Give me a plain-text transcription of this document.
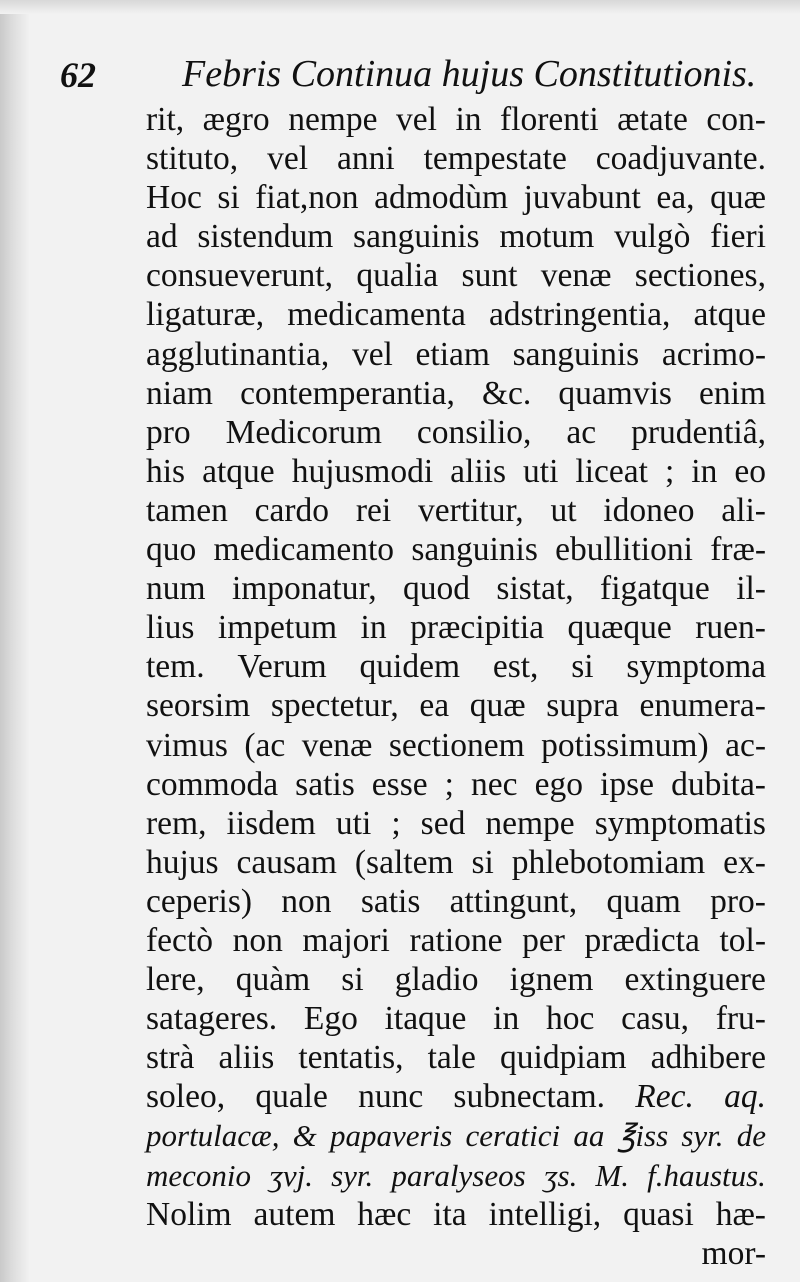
62 Febris Continua hujus Constitutionis.
rit, ægro nempe vel in florenti ætate con-
stituto, vel anni tempestate coadjuvante.
Hoc si fiat,non admodùm juvabunt ea, quæ
ad sistendum sanguinis motum vulgò fieri
consueverunt, qualia sunt venæ sectiones,
ligaturæ, medicamenta adstringentia, atque
agglutinantia, vel etiam sanguinis acrimo-
niam contemperantia, &c. quamvis enim
pro Medicorum consilio, ac prudentiâ,
his atque hujusmodi aliis uti liceat ; in eo
tamen cardo rei vertitur, ut idoneo ali-
quo medicamento sanguinis ebullitioni fræ-
num imponatur, quod sistat, figatque il-
lius impetum in præcipitia quæque ruen-
tem. Verum quidem est, si symptoma
seorsim spectetur, ea quæ supra enumera-
vimus (ac venæ sectionem potissimum) ac-
commoda satis esse ; nec ego ipse dubita-
rem, iisdem uti ; sed nempe symptomatis
hujus causam (saltem si phlebotomiam ex-
ceperis) non satis attingunt, quam pro-
fectò non majori ratione per prædicta tol-
lere, quàm si gladio ignem extinguere
satageres. Ego itaque in hoc casu, fru-
strà aliis tentatis, tale quidpiam adhibere
soleo, quale nunc subnectam. Rec. aq.
portulacæ, & papaveris ceratici aa ℥iss syr. de
meconio ʒvj. syr. paralyseos ʒs. M. f.haustus.
Nolim autem hæc ita intelligi, quasi hæ-
mor-
